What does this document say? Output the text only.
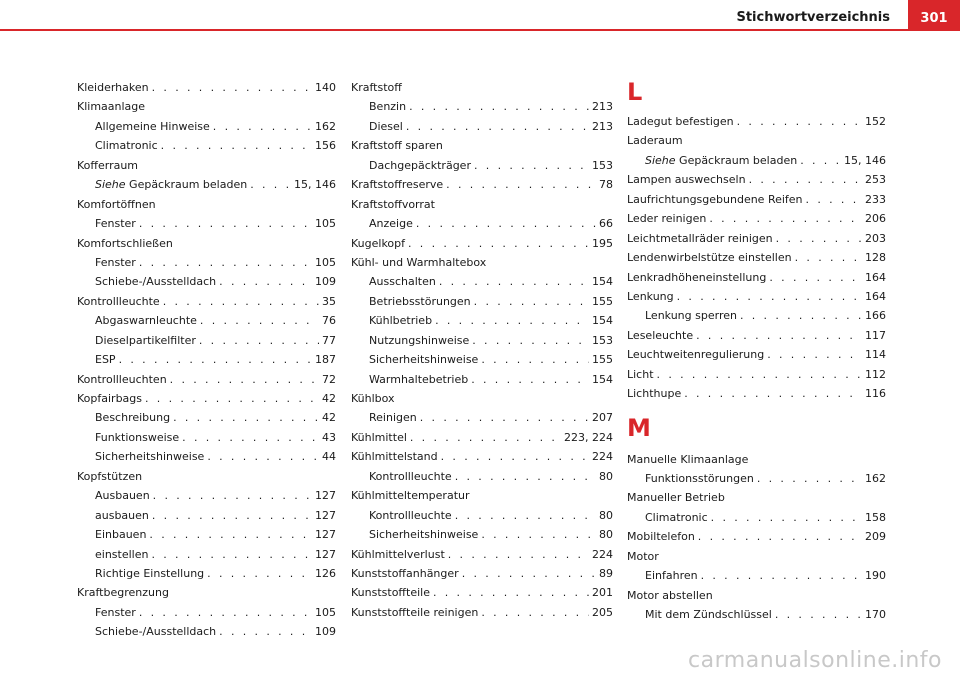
Stichwortverzeichnis	301
Kleiderhaken . . .	140
Klimaanlage
Allgemeine Hinweise . . .	162
Climatronic . . .	156
Kofferraum
Siehe Gepäckraum beladen . . .	15, 146
Komfortöffnen
Fenster . . .	105
Komfortschließen
Fenster . . .	105
Schiebe-/Ausstelldach . . .	109
Kontrollleuchte . . .	35
Abgaswarnleuchte . . .	76
Dieselpartikelfilter . . .	77
ESP . . .	187
Kontrollleuchten . . .	72
Kopfairbags . . .	42
Beschreibung . . .	42
Funktionsweise . . .	43
Sicherheitshinweise . . .	44
Kopfstützen
Ausbauen . . .	127
ausbauen . . .	127
Einbauen . . .	127
einstellen . . .	127
Richtige Einstellung . . .	126
Kraftbegrenzung
Fenster . . .	105
Schiebe-/Ausstelldach . . .	109
Kraftstoff
Benzin . . .	213
Diesel . . .	213
Kraftstoff sparen
Dachgepäckträger . . .	153
Kraftstoffreserve . . .	78
Kraftstoffvorrat
Anzeige . . .	66
Kugelkopf . . .	195
Kühl- und Warmhaltebox
Ausschalten . . .	154
Betriebsstörungen . . .	155
Kühlbetrieb . . .	154
Nutzungshinweise . . .	153
Sicherheitshinweise . . .	155
Warmhaltebetrieb . . .	154
Kühlbox
Reinigen . . .	207
Kühlmittel . . .	223, 224
Kühlmittelstand . . .	224
Kontrollleuchte . . .	80
Kühlmitteltemperatur
Kontrollleuchte . . .	80
Sicherheitshinweise . . .	80
Kühlmittelverlust . . .	224
Kunststoffanhänger . . .	89
Kunststoffteile . . .	201
Kunststoffteile reinigen . . .	205
L
Ladegut befestigen . . .	152
Laderaum
Siehe Gepäckraum beladen . . .	15, 146
Lampen auswechseln . . .	253
Laufrichtungsgebundene Reifen . . .	233
Leder reinigen . . .	206
Leichtmetallräder reinigen . . .	203
Lendenwirbelstütze einstellen . . .	128
Lenkradhöheneinstellung . . .	164
Lenkung . . .	164
Lenkung sperren . . .	166
Leseleuchte . . .	117
Leuchtweitenregulierung . . .	114
Licht . . .	112
Lichthupe . . .	116
M
Manuelle Klimaanlage
Funktionsstörungen . . .	162
Manueller Betrieb
Climatronic . . .	158
Mobiltelefon . . .	209
Motor
Einfahren . . .	190
Motor abstellen
Mit dem Zündschlüssel . . .	170
carmanualsonline.info
